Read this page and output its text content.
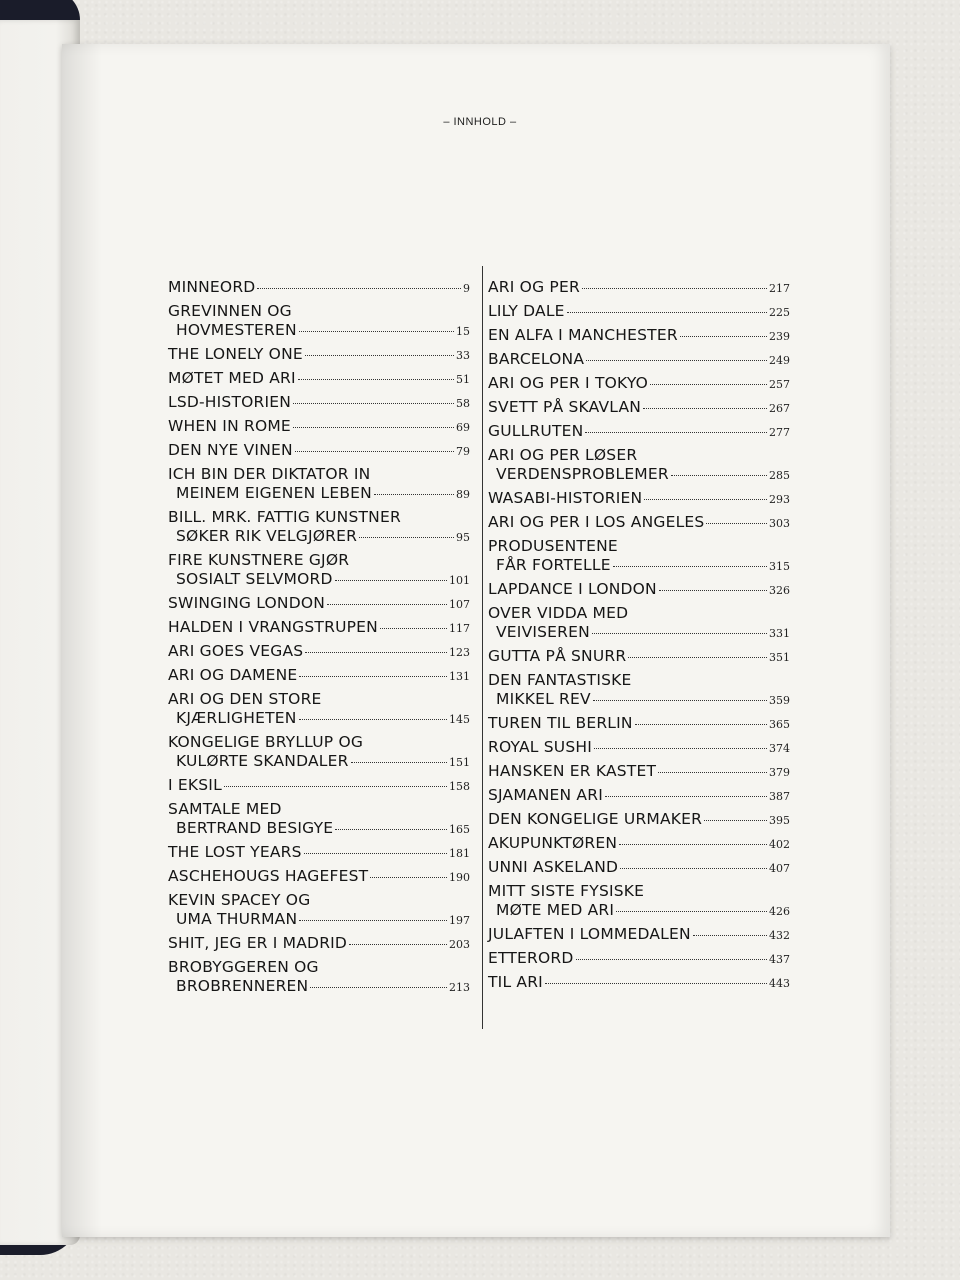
– INNHOLD –
MINNEORD	9
GREVINNEN OG
HOVMESTEREN	15
THE LONELY ONE	33
MØTET MED ARI	51
LSD-HISTORIEN	58
WHEN IN ROME	69
DEN NYE VINEN	79
ICH BIN DER DIKTATOR IN
MEINEM EIGENEN LEBEN	89
BILL. MRK. FATTIG KUNSTNER
SØKER RIK VELGJØRER	95
FIRE KUNSTNERE GJØR
SOSIALT SELVMORD	101
SWINGING LONDON	107
HALDEN I VRANGSTRUPEN	117
ARI GOES VEGAS	123
ARI OG DAMENE	131
ARI OG DEN STORE
KJÆRLIGHETEN	145
KONGELIGE BRYLLUP OG
KULØRTE SKANDALER	151
I EKSIL	158
SAMTALE MED
BERTRAND BESIGYE	165
THE LOST YEARS	181
ASCHEHOUGS HAGEFEST	190
KEVIN SPACEY OG
UMA THURMAN	197
SHIT, JEG ER I MADRID	203
BROBYGGEREN OG
BROBRENNEREN	213
ARI OG PER	217
LILY DALE	225
EN ALFA I MANCHESTER	239
BARCELONA	249
ARI OG PER I TOKYO	257
SVETT PÅ SKAVLAN	267
GULLRUTEN	277
ARI OG PER LØSER
VERDENSPROBLEMER	285
WASABI-HISTORIEN	293
ARI OG PER I LOS ANGELES	303
PRODUSENTENE
FÅR FORTELLE	315
LAPDANCE I LONDON	326
OVER VIDDA MED
VEIVISEREN	331
GUTTA PÅ SNURR	351
DEN FANTASTISKE
MIKKEL REV	359
TUREN TIL BERLIN	365
ROYAL SUSHI	374
HANSKEN ER KASTET	379
SJAMANEN ARI	387
DEN KONGELIGE URMAKER	395
AKUPUNKTØREN	402
UNNI ASKELAND	407
MITT SISTE FYSISKE
MØTE MED ARI	426
JULAFTEN I LOMMEDALEN	432
ETTERORD	437
TIL ARI	443
